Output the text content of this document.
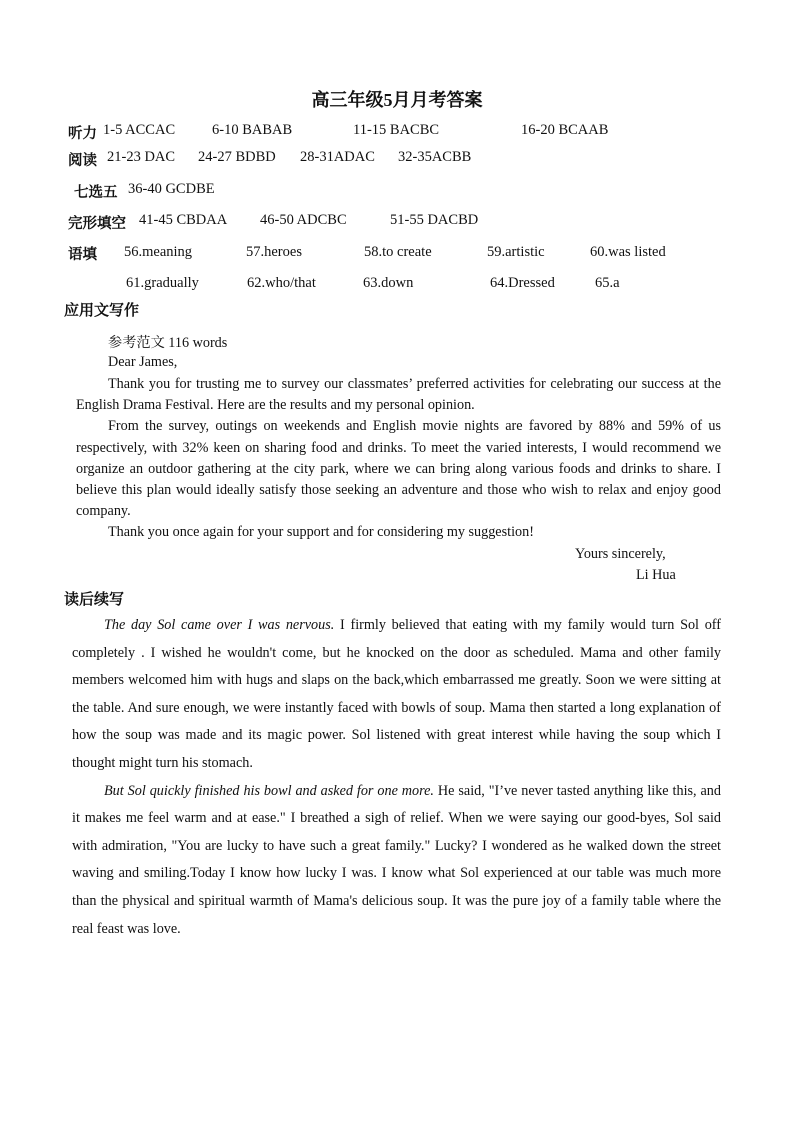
高三年级5月月考答案
听力 1-5 ACCAC	6-10 BABAB	11-15 BACBC	16-20 BCAAB
阅读 21-23 DAC 24-27 BDBD 28-31ADAC 32-35ACBB
七选五 36-40 GCDBE
完形填空 41-45 CBDAA 46-50 ADCBC	51-55 DACBD
语填 56.meaning	57.heroes	58.to create	59.artistic	60.was listed
61.gradually	62.who/that	63.down	64.Dressed	65.a
应用文写作
参考范文 116 words
Dear James,

Thank you for trusting me to survey our classmates’ preferred activities for celebrating our success at the English Drama Festival. Here are the results and my personal opinion.

From the survey, outings on weekends and English movie nights are favored by 88% and 59% of us respectively, with 32% keen on sharing food and drinks. To meet the varied interests, I would recommend we organize an outdoor gathering at the city park, where we can bring along various foods and drinks to share. I believe this plan would ideally satisfy those seeking an adventure and those who wish to relax and enjoy good company.

Thank you once again for your support and for considering my suggestion!

Yours sincerely,
Li Hua
读后续写

The day Sol came over I was nervous. I firmly believed that eating with my family would turn Sol off completely . I wished he wouldn't come, but he knocked on the door as scheduled. Mama and other family members welcomed him with hugs and slaps on the back,which embarrassed me greatly. Soon we were sitting at the table. And sure enough, we were instantly faced with bowls of soup. Mama then started a long explanation of how the soup was made and its magic power. Sol listened with great interest while having the soup which I thought might turn his stomach.

But Sol quickly finished his bowl and asked for one more. He said, "I’ve never tasted anything like this, and it makes me feel warm and at ease." I breathed a sigh of relief. When we were saying our good-byes, Sol said with admiration, "You are lucky to have such a great family." Lucky? I wondered as he walked down the street waving and smiling.Today I know how lucky I was. I know what Sol experienced at our table was much more than the physical and spiritual warmth of Mama's delicious soup. It was the pure joy of a family table where the real feast was love.
